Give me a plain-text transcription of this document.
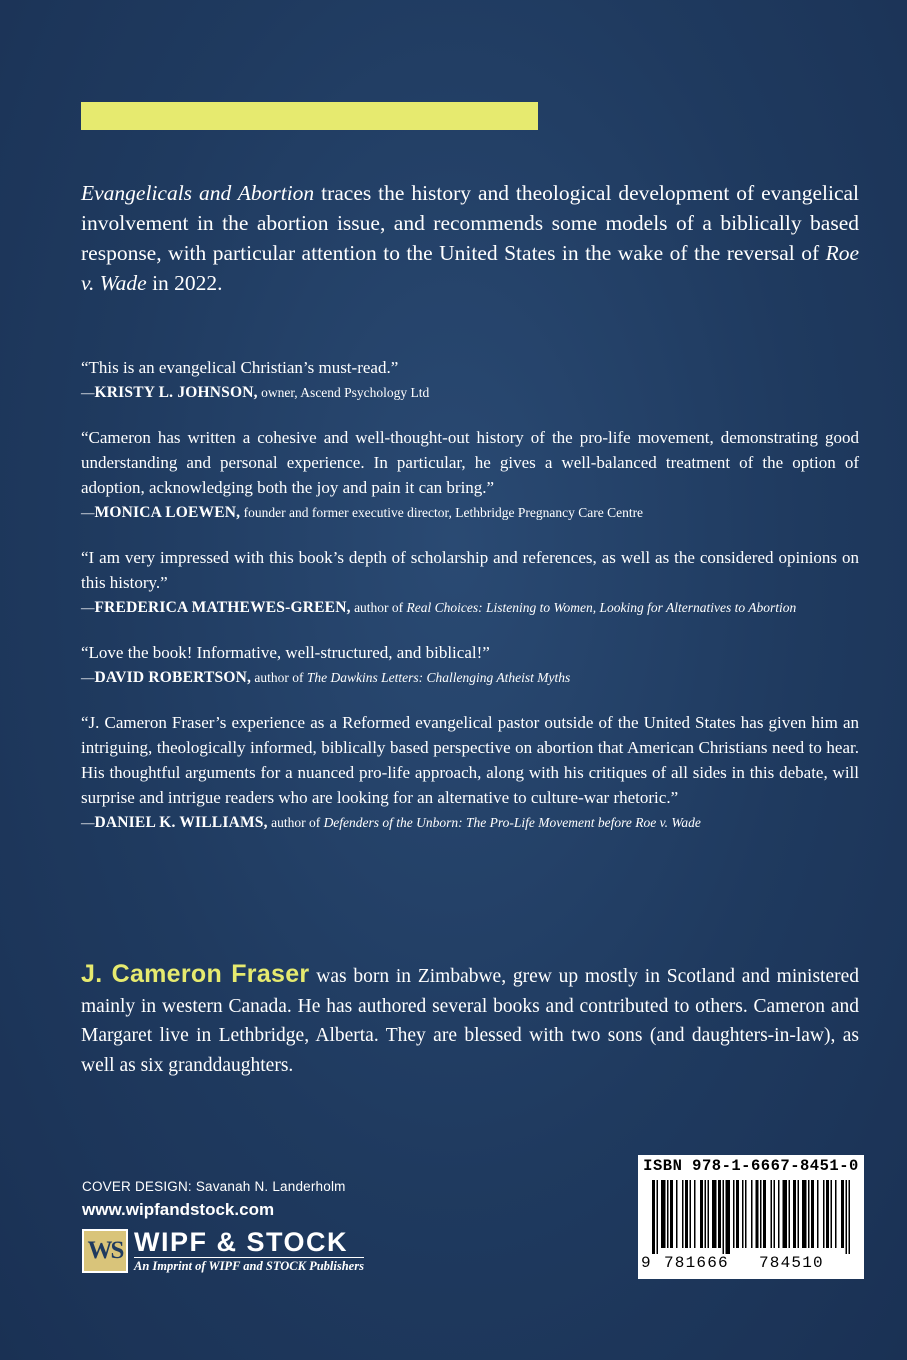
Evangelicals and Abortion traces the history and theological development of evangelical involvement in the abortion issue, and recommends some models of a biblically based response, with particular attention to the United States in the wake of the reversal of Roe v. Wade in 2022.

“This is an evangelical Christian’s must-read.”

—KRISTY L. JOHNSON, owner, Ascend Psychology Ltd

“Cameron has written a cohesive and well-thought-out history of the pro-life movement, demonstrating good understanding and personal experience. In particular, he gives a well-balanced treatment of the option of adoption, acknowledging both the joy and pain it can bring.”

—MONICA LOEWEN, founder and former executive director, Lethbridge Pregnancy Care Centre

“I am very impressed with this book’s depth of scholarship and references, as well as the considered opinions on this history.”

—FREDERICA MATHEWES-GREEN, author of Real Choices: Listening to Women, Looking for Alternatives to Abortion

“Love the book! Informative, well-structured, and biblical!”

—DAVID ROBERTSON, author of The Dawkins Letters: Challenging Atheist Myths

“J. Cameron Fraser’s experience as a Reformed evangelical pastor outside of the United States has given him an intriguing, theologically informed, biblically based perspective on abortion that American Christians need to hear. His thoughtful arguments for a nuanced pro-life approach, along with his critiques of all sides in this debate, will surprise and intrigue readers who are looking for an alternative to culture-war rhetoric.”

—DANIEL K. WILLIAMS, author of Defenders of the Unborn: The Pro-Life Movement before Roe v. Wade
J. Cameron Fraser was born in Zimbabwe, grew up mostly in Scotland and ministered mainly in western Canada. He has authored several books and contributed to others. Cameron and Margaret live in Lethbridge, Alberta. They are blessed with two sons (and daughters-in-law), as well as six granddaughters.
COVER DESIGN: Savanah N. Landerholm
www.wipfandstock.com
WS WIPF & STOCK
An Imprint of WIPF and STOCK Publishers
ISBN 978-1-6667-8451-0
9 781666 784510
